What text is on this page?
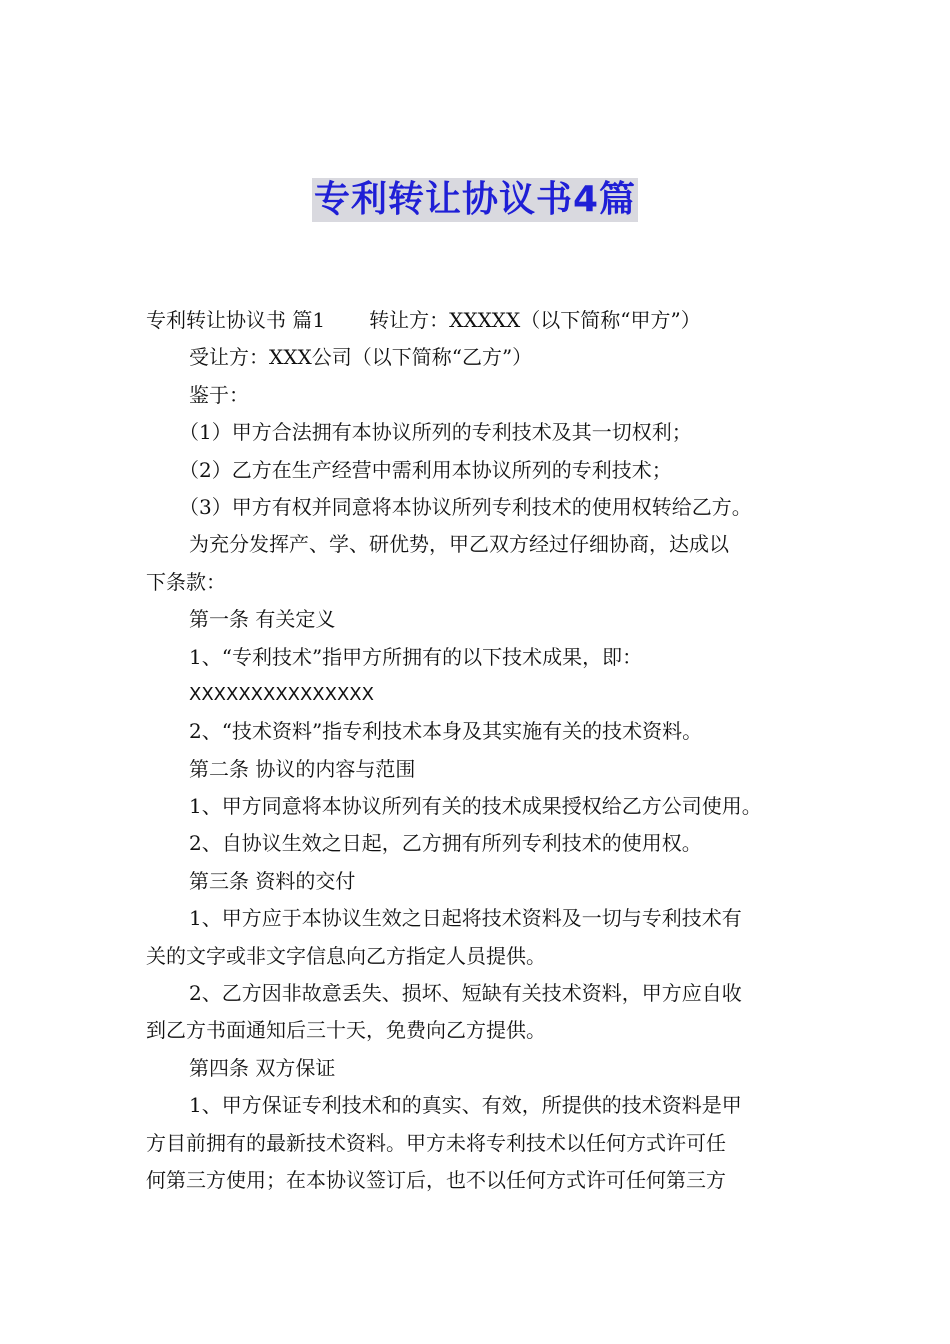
专利转让协议书4篇
专利转让协议书 篇1 转让方：XXXXX（以下简称“甲方”）
受让方：XXX公司（以下简称“乙方”）
鉴于：
（1）甲方合法拥有本协议所列的专利技术及其一切权利；
（2）乙方在生产经营中需利用本协议所列的专利技术；
（3）甲方有权并同意将本协议所列专利技术的使用权转给乙方。
为充分发挥产、学、研优势，甲乙双方经过仔细协商，达成以
下条款：
第一条 有关定义
1、“专利技术”指甲方所拥有的以下技术成果，即：
XXXXXXXXXXXXXXX
2、“技术资料”指专利技术本身及其实施有关的技术资料。
第二条 协议的内容与范围
1、甲方同意将本协议所列有关的技术成果授权给乙方公司使用。
2、自协议生效之日起，乙方拥有所列专利技术的使用权。
第三条 资料的交付
1、甲方应于本协议生效之日起将技术资料及一切与专利技术有
关的文字或非文字信息向乙方指定人员提供。
2、乙方因非故意丢失、损坏、短缺有关技术资料，甲方应自收
到乙方书面通知后三十天，免费向乙方提供。
第四条 双方保证
1、甲方保证专利技术和的真实、有效，所提供的技术资料是甲
方目前拥有的最新技术资料。甲方未将专利技术以任何方式许可任
何第三方使用；在本协议签订后，也不以任何方式许可任何第三方
